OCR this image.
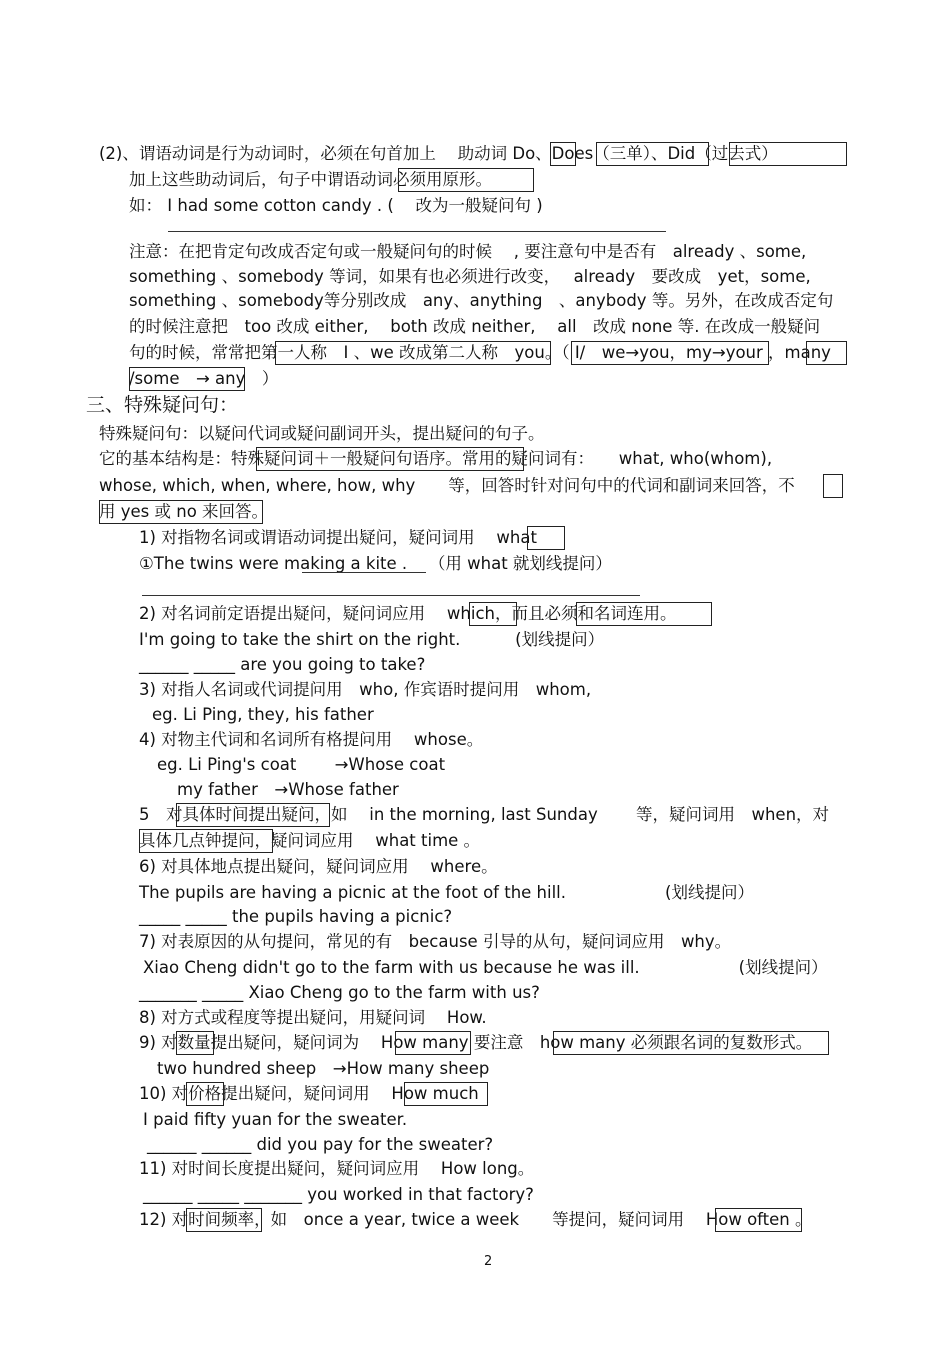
(2)、谓语动词是行为动词时，必须在句首加上　 助动词 Do、Does（三单）、Did（过去式）
加上这些助动词后，句子中谓语动词必须用原形。
如： I had some cotton candy . (　 改为一般疑问句 )
注意：在把肯定句改成否定句或一般疑问句的时候　 , 要注意句中是否有　already 、some,
something 、somebody 等词，如果有也必须进行改变，　 already　要改成　yet，some,
something 、somebody等分别改成　any、anything　、anybody 等。另外，在改成否定句
的时候注意把　too 改成 either,　 both 改成 neither,　 all　改成 none 等. 在改成一般疑问
句的时候，常常把第一人称　I 、we 改成第二人称　you。（ I/　we→you，my→your ，many
/some　→ any　）
三、特殊疑问句：
特殊疑问句：以疑问代词或疑问副词开头，提出疑问的句子。
它的基本结构是：特殊疑问词＋一般疑问句语序。常用的疑问词有：　　what, who(whom),
whose, which, when, where, how, why　　等，回答时针对问句中的代词和副词来回答，不
用 yes 或 no 来回答。
1) 对指物名词或谓语动词提出疑问，疑问词用　 what
①The twins were making a kite .　 （用 what 就划线提问）
2) 对名词前定语提出疑问，疑问词应用　 which，而且必须和名词连用。
I'm going to take the shirt on the right.　　　 (划线提问）
______ _____ are you going to take?
3) 对指人名词或代词提问用　who, 作宾语时提问用　whom,
eg. Li Ping, they, his father
4) 对物主代词和名词所有格提问用　 whose。
eg. Li Ping's coat　　 →Whose coat
my father　→Whose father
5　对具体时间提出疑问，如　 in the morning, last Sunday　　 等，疑问词用　when，对
具体几点钟提问，疑问词应用　 what time 。
6) 对具体地点提出疑问，疑问词应用　 where。
The pupils are having a picnic at the foot of the hill.　　　　　　(划线提问）
_____ _____ the pupils having a picnic?
7) 对表原因的从句提问，常见的有　because 引导的从句，疑问词应用　why。
Xiao Cheng didn't go to the farm with us because he was ill.　　　　　　(划线提问）
_______ _____ Xiao Cheng go to the farm with us?
8) 对方式或程度等提出疑问，用疑问词　 How.
9) 对数量提出疑问，疑问词为　 How many 要注意　how many 必须跟名词的复数形式。
two hundred sheep　→How many sheep
10) 对价格提出疑问，疑问词用　 How much
I paid fifty yuan for the sweater.
______ ______ did you pay for the sweater?
11) 对时间长度提出疑问，疑问词应用　 How long。
______ _____ _______ you worked in that factory?
12) 对时间频率，如　once a year, twice a week　　等提问，疑问词用　 How often 。
2
